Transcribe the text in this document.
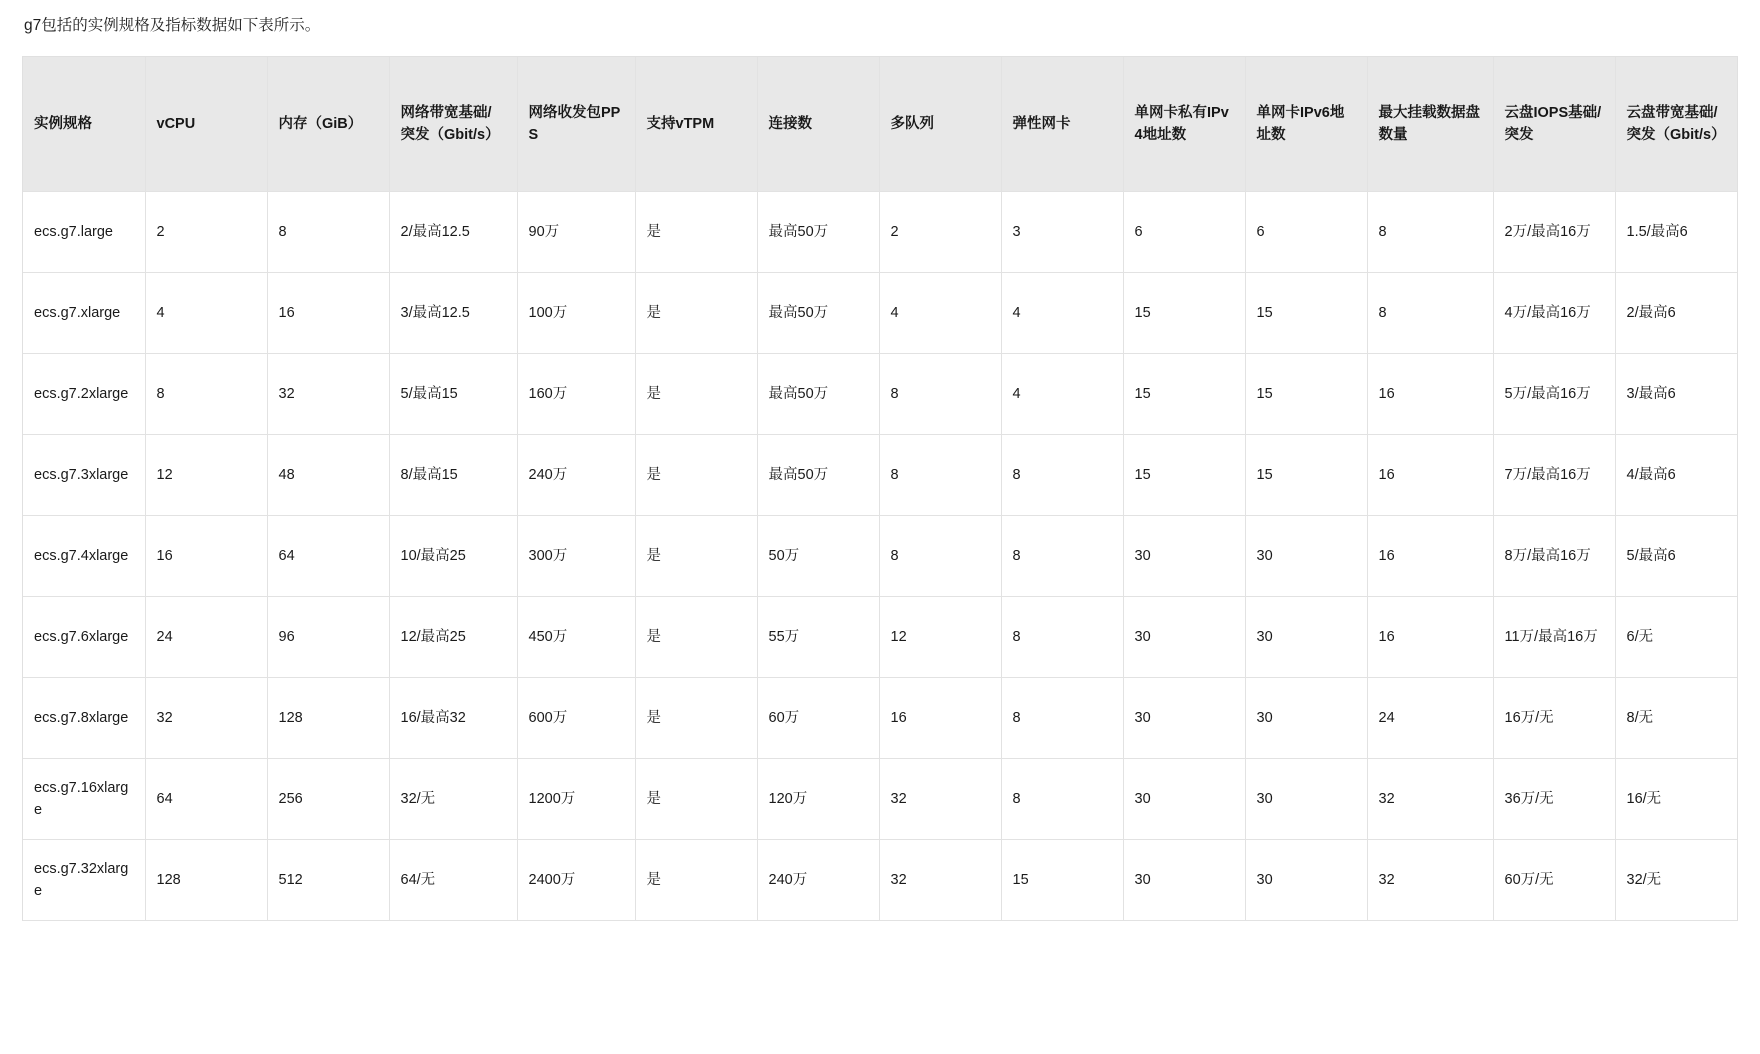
g7包括的实例规格及指标数据如下表所示。

实例规格	vCPU	内存（GiB）	网络带宽基础/突发（Gbit/s）	网络收发包PPS	支持vTPM	连接数	多队列	弹性网卡	单网卡私有IPv4地址数	单网卡IPv6地址数	最大挂载数据盘数量	云盘IOPS基础/突发	云盘带宽基础/突发（Gbit/s）
ecs.g7.large	2	8	2/最高12.5	90万	是	最高50万	2	3	6	6	8	2万/最高16万	1.5/最高6
ecs.g7.xlarge	4	16	3/最高12.5	100万	是	最高50万	4	4	15	15	8	4万/最高16万	2/最高6
ecs.g7.2xlarge	8	32	5/最高15	160万	是	最高50万	8	4	15	15	16	5万/最高16万	3/最高6
ecs.g7.3xlarge	12	48	8/最高15	240万	是	最高50万	8	8	15	15	16	7万/最高16万	4/最高6
ecs.g7.4xlarge	16	64	10/最高25	300万	是	50万	8	8	30	30	16	8万/最高16万	5/最高6
ecs.g7.6xlarge	24	96	12/最高25	450万	是	55万	12	8	30	30	16	11万/最高16万	6/无
ecs.g7.8xlarge	32	128	16/最高32	600万	是	60万	16	8	30	30	24	16万/无	8/无
ecs.g7.16xlarge	64	256	32/无	1200万	是	120万	32	8	30	30	32	36万/无	16/无
ecs.g7.32xlarge	128	512	64/无	2400万	是	240万	32	15	30	30	32	60万/无	32/无
